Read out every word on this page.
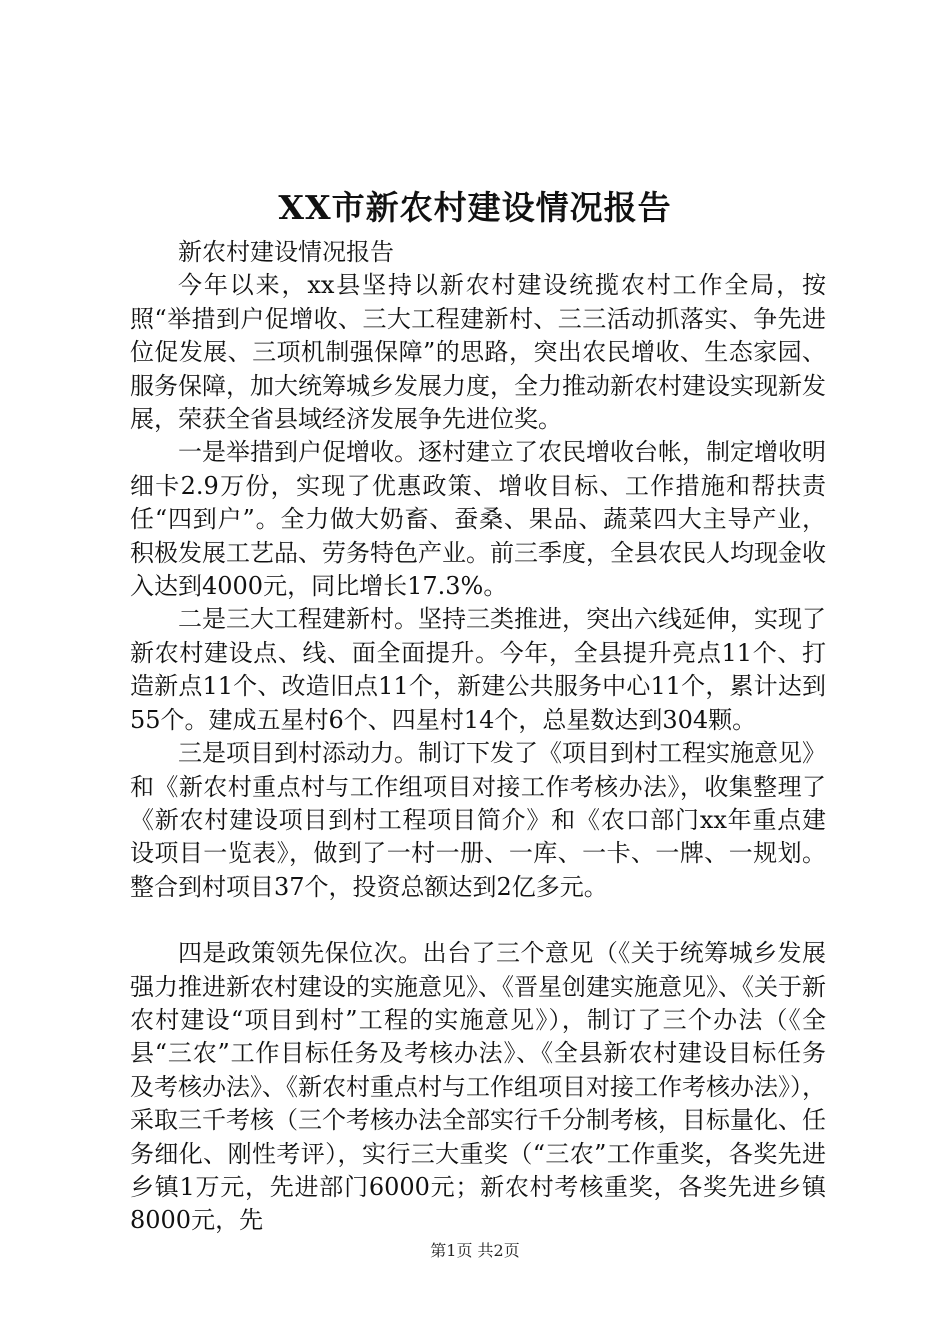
XX市新农村建设情况报告

新农村建设情况报告

今年以来，xx县坚持以新农村建设统揽农村工作全局，按照“举措到户促增收、三大工程建新村、三三活动抓落实、争先进位促发展、三项机制强保障”的思路，突出农民增收、生态家园、服务保障，加大统筹城乡发展力度，全力推动新农村建设实现新发展，荣获全省县域经济发展争先进位奖。

一是举措到户促增收。逐村建立了农民增收台帐，制定增收明细卡2.9万份，实现了优惠政策、增收目标、工作措施和帮扶责任“四到户”。全力做大奶畜、蚕桑、果品、蔬菜四大主导产业，积极发展工艺品、劳务特色产业。前三季度，全县农民人均现金收入达到4000元，同比增长17.3%。

二是三大工程建新村。坚持三类推进，突出六线延伸，实现了新农村建设点、线、面全面提升。今年，全县提升亮点11个、打造新点11个、改造旧点11个，新建公共服务中心11个，累计达到55个。建成五星村6个、四星村14个，总星数达到304颗。

三是项目到村添动力。制订下发了《项目到村工程实施意见》和《新农村重点村与工作组项目对接工作考核办法》，收集整理了《新农村建设项目到村工程项目简介》和《农口部门xx年重点建设项目一览表》，做到了一村一册、一库、一卡、一牌、一规划。整合到村项目37个，投资总额达到2亿多元。

四是政策领先保位次。出台了三个意见（《关于统筹城乡发展强力推进新农村建设的实施意见》、《晋星创建实施意见》、《关于新农村建设“项目到村”工程的实施意见》），制订了三个办法（《全县“三农”工作目标任务及考核办法》、《全县新农村建设目标任务及考核办法》、《新农村重点村与工作组项目对接工作考核办法》），采取三千考核（三个考核办法全部实行千分制考核，目标量化、任务细化、刚性考评），实行三大重奖（“三农”工作重奖，各奖先进乡镇1万元，先进部门6000元；新农村考核重奖，各奖先进乡镇8000元，先

第1页 共2页
